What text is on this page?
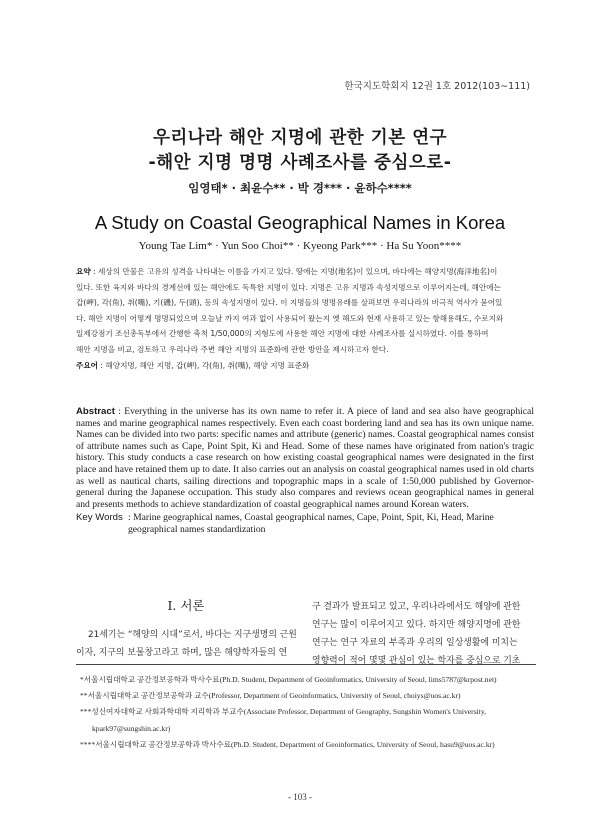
한국지도학회지 12권 1호 2012(103∼111)
우리나라 해안 지명에 관한 기본 연구
-해안 지명 명명 사례조사를 중심으로-
임영태* · 최윤수** · 박 경*** · 윤하수****
A Study on Coastal Geographical Names in Korea
Young Tae Lim* · Yun Soo Choi** · Kyeong Park*** · Ha Su Yoon****
요약 : 세상의 만물은 고유의 성격을 나타내는 이름을 가지고 있다. 땅에는 지명(地名)이 있으며, 바다에는 해양지명(海洋地名)이
있다. 또한 육지와 바다의 경계선에 있는 해안에도 독특한 지명이 있다. 지명은 고유 지명과 속성지명으로 이루어지는데, 해안에는
갑(岬), 각(角), 취(嘴), 기(磯), 두(頭), 등의 속성지명이 있다. 이 지명들의 명명유래를 살펴보면 우리나라의 비극적 역사가 묻어있
다. 해안 지명이 어떻게 명명되었으며 오늘날 까지 여과 없이 사용되어 왔는지 옛 해도와 현재 사용하고 있는 항해용해도, 수로지와
일제강점기 조선총독부에서 간행한 축척 1/50,000의 지형도에 사용한 해안 지명에 대한 사례조사를 실시하였다. 이를 통하여
해안 지명을 비교, 검토하고 우리나라 주변 해안 지명의 표준화에 관한 방안을 제시하고자 한다.
주요어 : 해양지명, 해안 지명, 갑(岬), 각(角), 취(嘴), 해양 지명 표준화
Abstract : Everything in the universe has its own name to refer it. A piece of land and sea also have geographical names and marine geographical names respectively. Even each coast bordering land and sea has its own unique name. Names can be divided into two parts: specific names and attribute (generic) names. Coastal geographical names consist of attribute names such as Cape, Point Spit, Ki and Head. Some of these names have originated from nation's tragic history. This study conducts a case research on how existing coastal geographical names were designated in the first place and have retained them up to date. It also carries out an analysis on coastal geographical names used in old charts as well as nautical charts, sailing directions and topographic maps in a scale of 1:50,000 published by Governor-general during the Japanese occupation. This study also compares and reviews ocean geographical names in general and presents methods to achieve standardization of coastal geographical names around Korean waters.
Key Words : Marine geographical names, Coastal geographical names, Cape, Point, Spit, Ki, Head, Marine geographical names standardization
I. 서론
21세기는 “해양의 시대”로서, 바다는 지구생명의 근원
이자, 지구의 보물창고라고 하며, 많은 해양학자들의 연
구 결과가 발표되고 있고, 우리나라에서도 해양에 관한
연구는 많이 이루어지고 있다. 하지만 해양지명에 관한
연구는 연구 자료의 부족과 우리의 일상생활에 미치는
영향력이 적어 몇몇 관심이 있는 학자를 중심으로 기초
*서울시립대학교 공간정보공학과 박사수료(Ph.D. Student, Department of Geoinformatics, University of Seoul, lims5787@krpost.net)
**서울시립대학교 공간정보공학과 교수(Professor, Department of Geoinformatics, University of Seoul, choiys@uos.ac.kr)
***성신여자대학교 사회과학대학 지리학과 부교수(Associate Professor, Department of Geography, Sungshin Women's University,
kpark97@sungshin.ac.kr)
****서울시립대학교 공간정보공학과 박사수료(Ph.D. Student, Department of Geoinformatics, University of Seoul, hasu9@uos.ac.kr)
- 103 -
